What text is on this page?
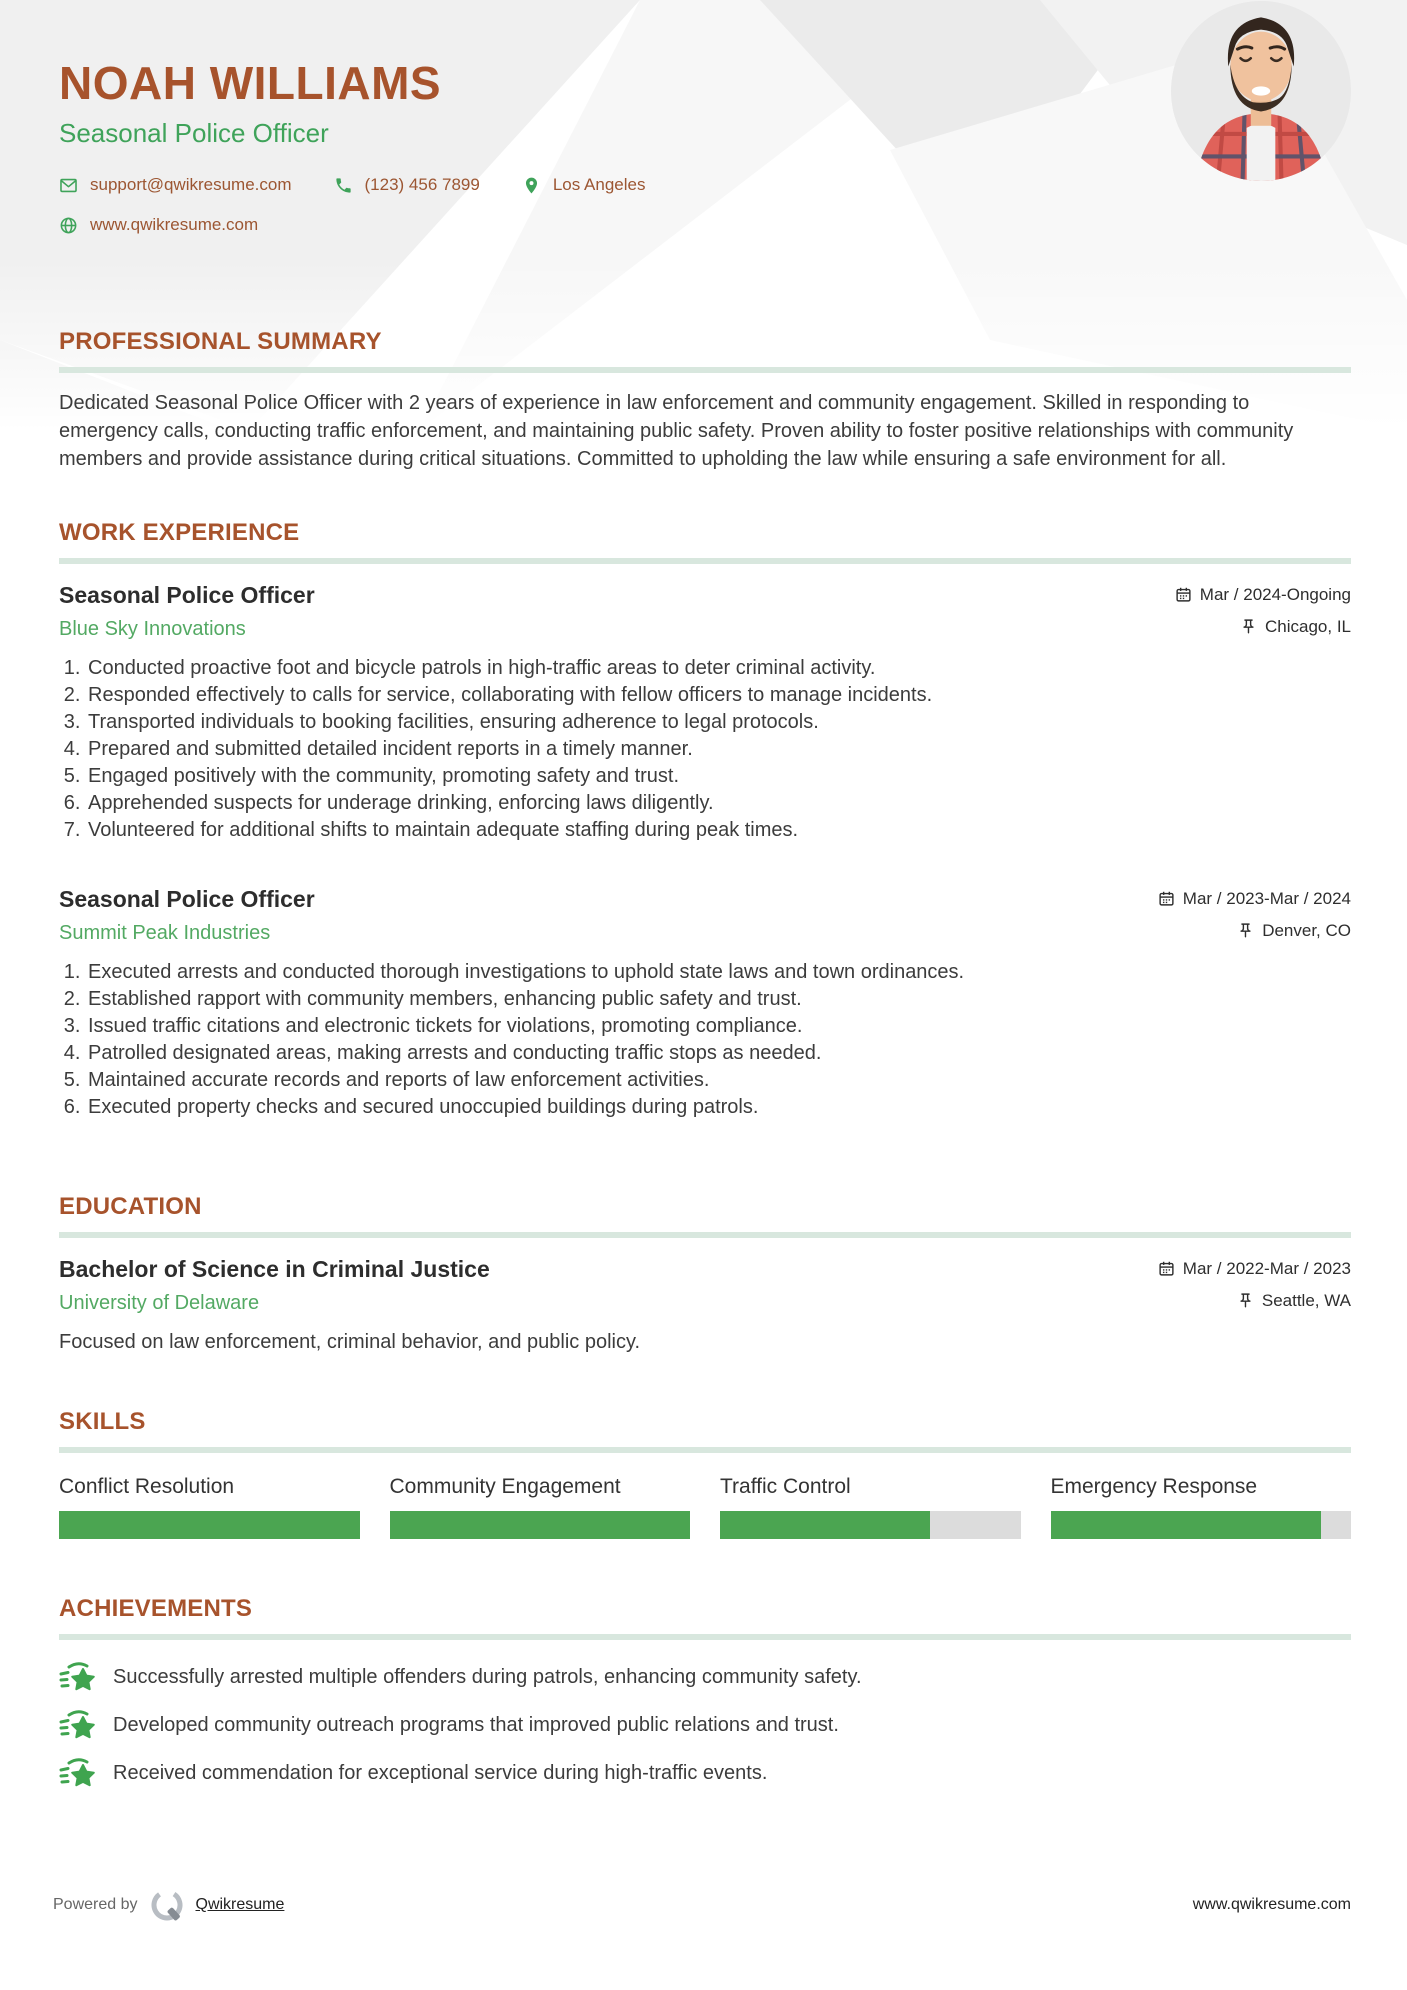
NOAH WILLIAMS
Seasonal Police Officer
support@qwikresume.com	(123) 456 7899	Los Angeles
www.qwikresume.com
PROFESSIONAL SUMMARY

Dedicated Seasonal Police Officer with 2 years of experience in law enforcement and community engagement. Skilled in responding to emergency calls, conducting traffic enforcement, and maintaining public safety. Proven ability to foster positive relationships with community members and provide assistance during critical situations. Committed to upholding the law while ensuring a safe environment for all.

WORK EXPERIENCE
Seasonal Police Officer	Mar / 2024-Ongoing
Blue Sky Innovations	Chicago, IL
1. Conducted proactive foot and bicycle patrols in high-traffic areas to deter criminal activity.
2. Responded effectively to calls for service, collaborating with fellow officers to manage incidents.
3. Transported individuals to booking facilities, ensuring adherence to legal protocols.
4. Prepared and submitted detailed incident reports in a timely manner.
5. Engaged positively with the community, promoting safety and trust.
6. Apprehended suspects for underage drinking, enforcing laws diligently.
7. Volunteered for additional shifts to maintain adequate staffing during peak times.
Seasonal Police Officer	Mar / 2023-Mar / 2024
Summit Peak Industries	Denver, CO
1. Executed arrests and conducted thorough investigations to uphold state laws and town ordinances.
2. Established rapport with community members, enhancing public safety and trust.
3. Issued traffic citations and electronic tickets for violations, promoting compliance.
4. Patrolled designated areas, making arrests and conducting traffic stops as needed.
5. Maintained accurate records and reports of law enforcement activities.
6. Executed property checks and secured unoccupied buildings during patrols.
EDUCATION
Bachelor of Science in Criminal Justice	Mar / 2022-Mar / 2023
University of Delaware	Seattle, WA
Focused on law enforcement, criminal behavior, and public policy.
SKILLS
Conflict Resolution	Community Engagement	Traffic Control	Emergency Response
ACHIEVEMENTS
Successfully arrested multiple offenders during patrols, enhancing community safety.
Developed community outreach programs that improved public relations and trust.
Received commendation for exceptional service during high-traffic events.
Powered by	Qwikresume	www.qwikresume.com
